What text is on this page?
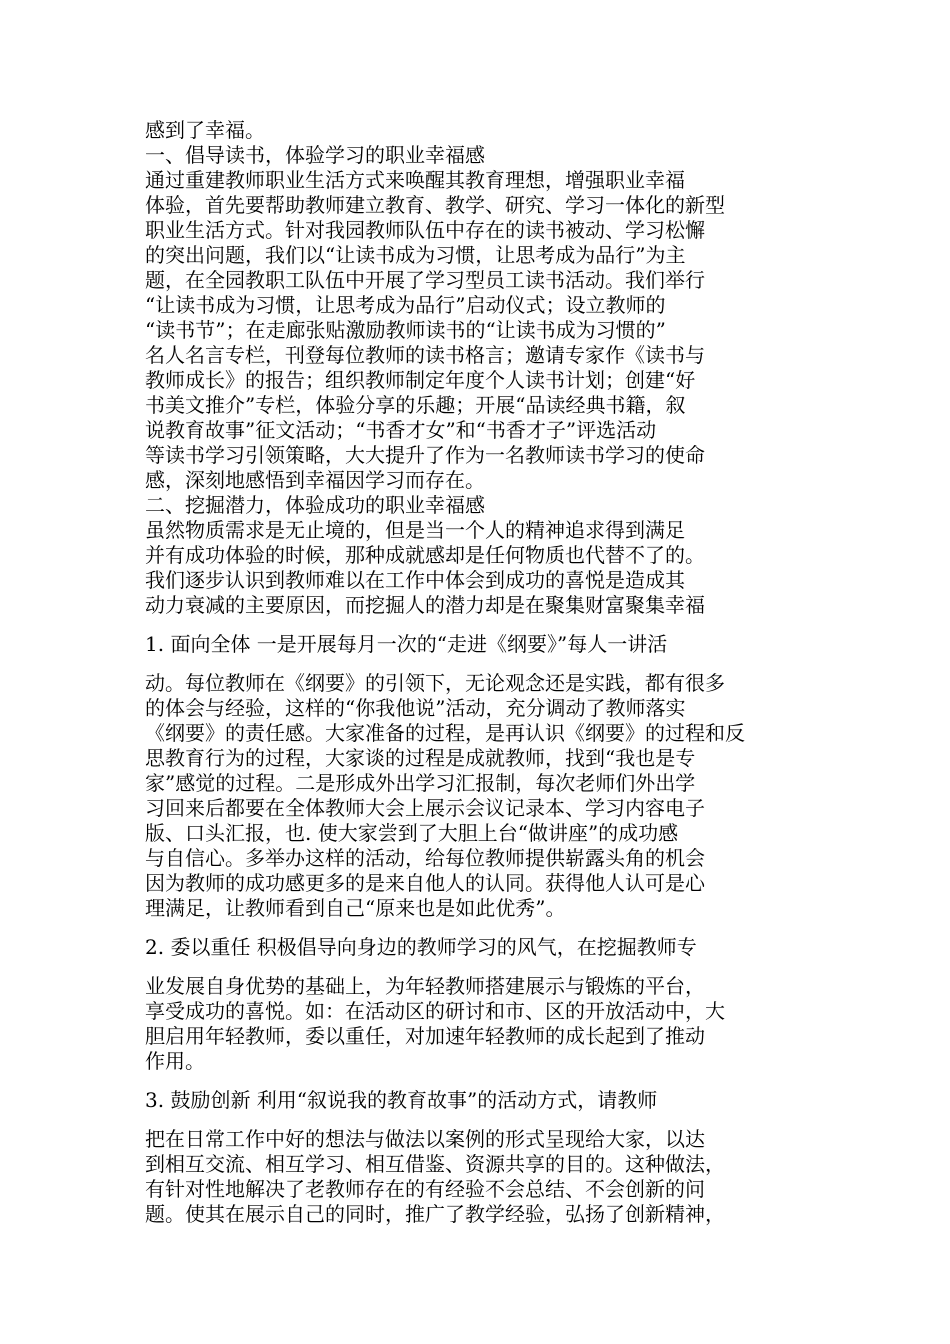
感到了幸福。

一、倡导读书，体验学习的职业幸福感

通过重建教师职业生活方式来唤醒其教育理想，增强职业幸福

体验，首先要帮助教师建立教育、教学、研究、学习一体化的新型

职业生活方式。针对我园教师队伍中存在的读书被动、学习松懈

的突出问题，我们以“让读书成为习惯，让思考成为品行”为主

题，在全园教职工队伍中开展了学习型员工读书活动。我们举行

“让读书成为习惯，让思考成为品行”启动仪式；设立教师的

“读书节”；在走廊张贴激励教师读书的“让读书成为习惯的”

名人名言专栏，刊登每位教师的读书格言；邀请专家作《读书与

教师成长》的报告；组织教师制定年度个人读书计划；创建“好

书美文推介”专栏，体验分享的乐趣；开展“品读经典书籍，叙

说教育故事”征文活动；“书香才女”和“书香才子”评选活动

等读书学习引领策略，大大提升了作为一名教师读书学习的使命

感，深刻地感悟到幸福因学习而存在。

二、挖掘潜力，体验成功的职业幸福感

虽然物质需求是无止境的，但是当一个人的精神追求得到满足

并有成功体验的时候，那种成就感却是任何物质也代替不了的。

我们逐步认识到教师难以在工作中体会到成功的喜悦是造成其

动力衰减的主要原因，而挖掘人的潜力却是在聚集财富聚集幸福

1. 面向全体 一是开展每月一次的“走进《纲要》”每人一讲活

动。每位教师在《纲要》的引领下，无论观念还是实践，都有很多

的体会与经验，这样的“你我他说”活动，充分调动了教师落实

《纲要》的责任感。大家准备的过程，是再认识《纲要》的过程和反

思教育行为的过程，大家谈的过程是成就教师，找到“我也是专

家”感觉的过程。二是形成外出学习汇报制，每次老师们外出学

习回来后都要在全体教师大会上展示会议记录本、学习内容电子

版、口头汇报，也. 使大家尝到了大胆上台“做讲座”的成功感

与自信心。多举办这样的活动，给每位教师提供崭露头角的机会

因为教师的成功感更多的是来自他人的认同。获得他人认可是心

理满足，让教师看到自己“原来也是如此优秀”。

2. 委以重任 积极倡导向身边的教师学习的风气，在挖掘教师专

业发展自身优势的基础上，为年轻教师搭建展示与锻炼的平台，

享受成功的喜悦。如：在活动区的研讨和市、区的开放活动中，大

胆启用年轻教师，委以重任，对加速年轻教师的成长起到了推动

作用。

3. 鼓励创新 利用“叙说我的教育故事”的活动方式，请教师

把在日常工作中好的想法与做法以案例的形式呈现给大家，以达

到相互交流、相互学习、相互借鉴、资源共享的目的。这种做法，

有针对性地解决了老教师存在的有经验不会总结、不会创新的问

题。使其在展示自己的同时，推广了教学经验，弘扬了创新精神，
